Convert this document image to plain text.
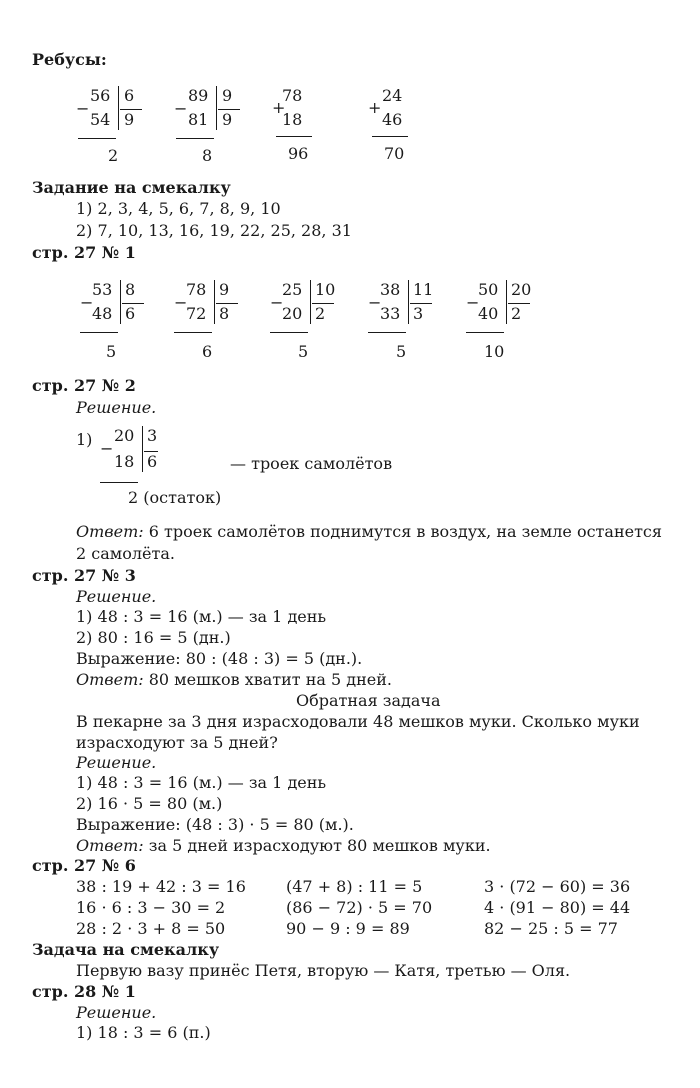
Ребусы:
−
56
54
6
9
2
−
89
81
9
9
8
+
78
18
96
+
24
46
70
Задание на смекалку
1) 2, 3, 4, 5, 6, 7, 8, 9, 10
2) 7, 10, 13, 16, 19, 22, 25, 28, 31
стр. 27 № 1
−
53
48
8
6
5
−
78
72
9
8
6
−
25
20
10
2
5
−
38
33
11
3
5
−
50
40
20
2
10
стр. 27 № 2
Решение.
1) −
20
18
3
6
2 (остаток)
— троек самолётов
Ответ: 6 троек самолётов поднимутся в воздух, на земле останется
2 самолёта.
стр. 27 № 3
Решение.
1) 48 : 3 = 16 (м.) — за 1 день
2) 80 : 16 = 5 (дн.)
Выражение: 80 : (48 : 3) = 5 (дн.).
Ответ: 80 мешков хватит на 5 дней.
Обратная задача
В пекарне за 3 дня израсходовали 48 мешков муки. Сколько муки
израсходуют за 5 дней?
Решение.
1) 48 : 3 = 16 (м.) — за 1 день
2) 16 · 5 = 80 (м.)
Выражение: (48 : 3) · 5 = 80 (м.).
Ответ: за 5 дней израсходуют 80 мешков муки.
стр. 27 № 6
38 : 19 + 42 : 3 = 16
16 · 6 : 3 − 30 = 2
28 : 2 · 3 + 8 = 50
(47 + 8) : 11 = 5
(86 − 72) · 5 = 70
90 − 9 : 9 = 89
3 · (72 − 60) = 36
4 · (91 − 80) = 44
82 − 25 : 5 = 77
Задача на смекалку
Первую вазу принёс Петя, вторую — Катя, третью — Оля.
стр. 28 № 1
Решение.
1) 18 : 3 = 6 (п.)
